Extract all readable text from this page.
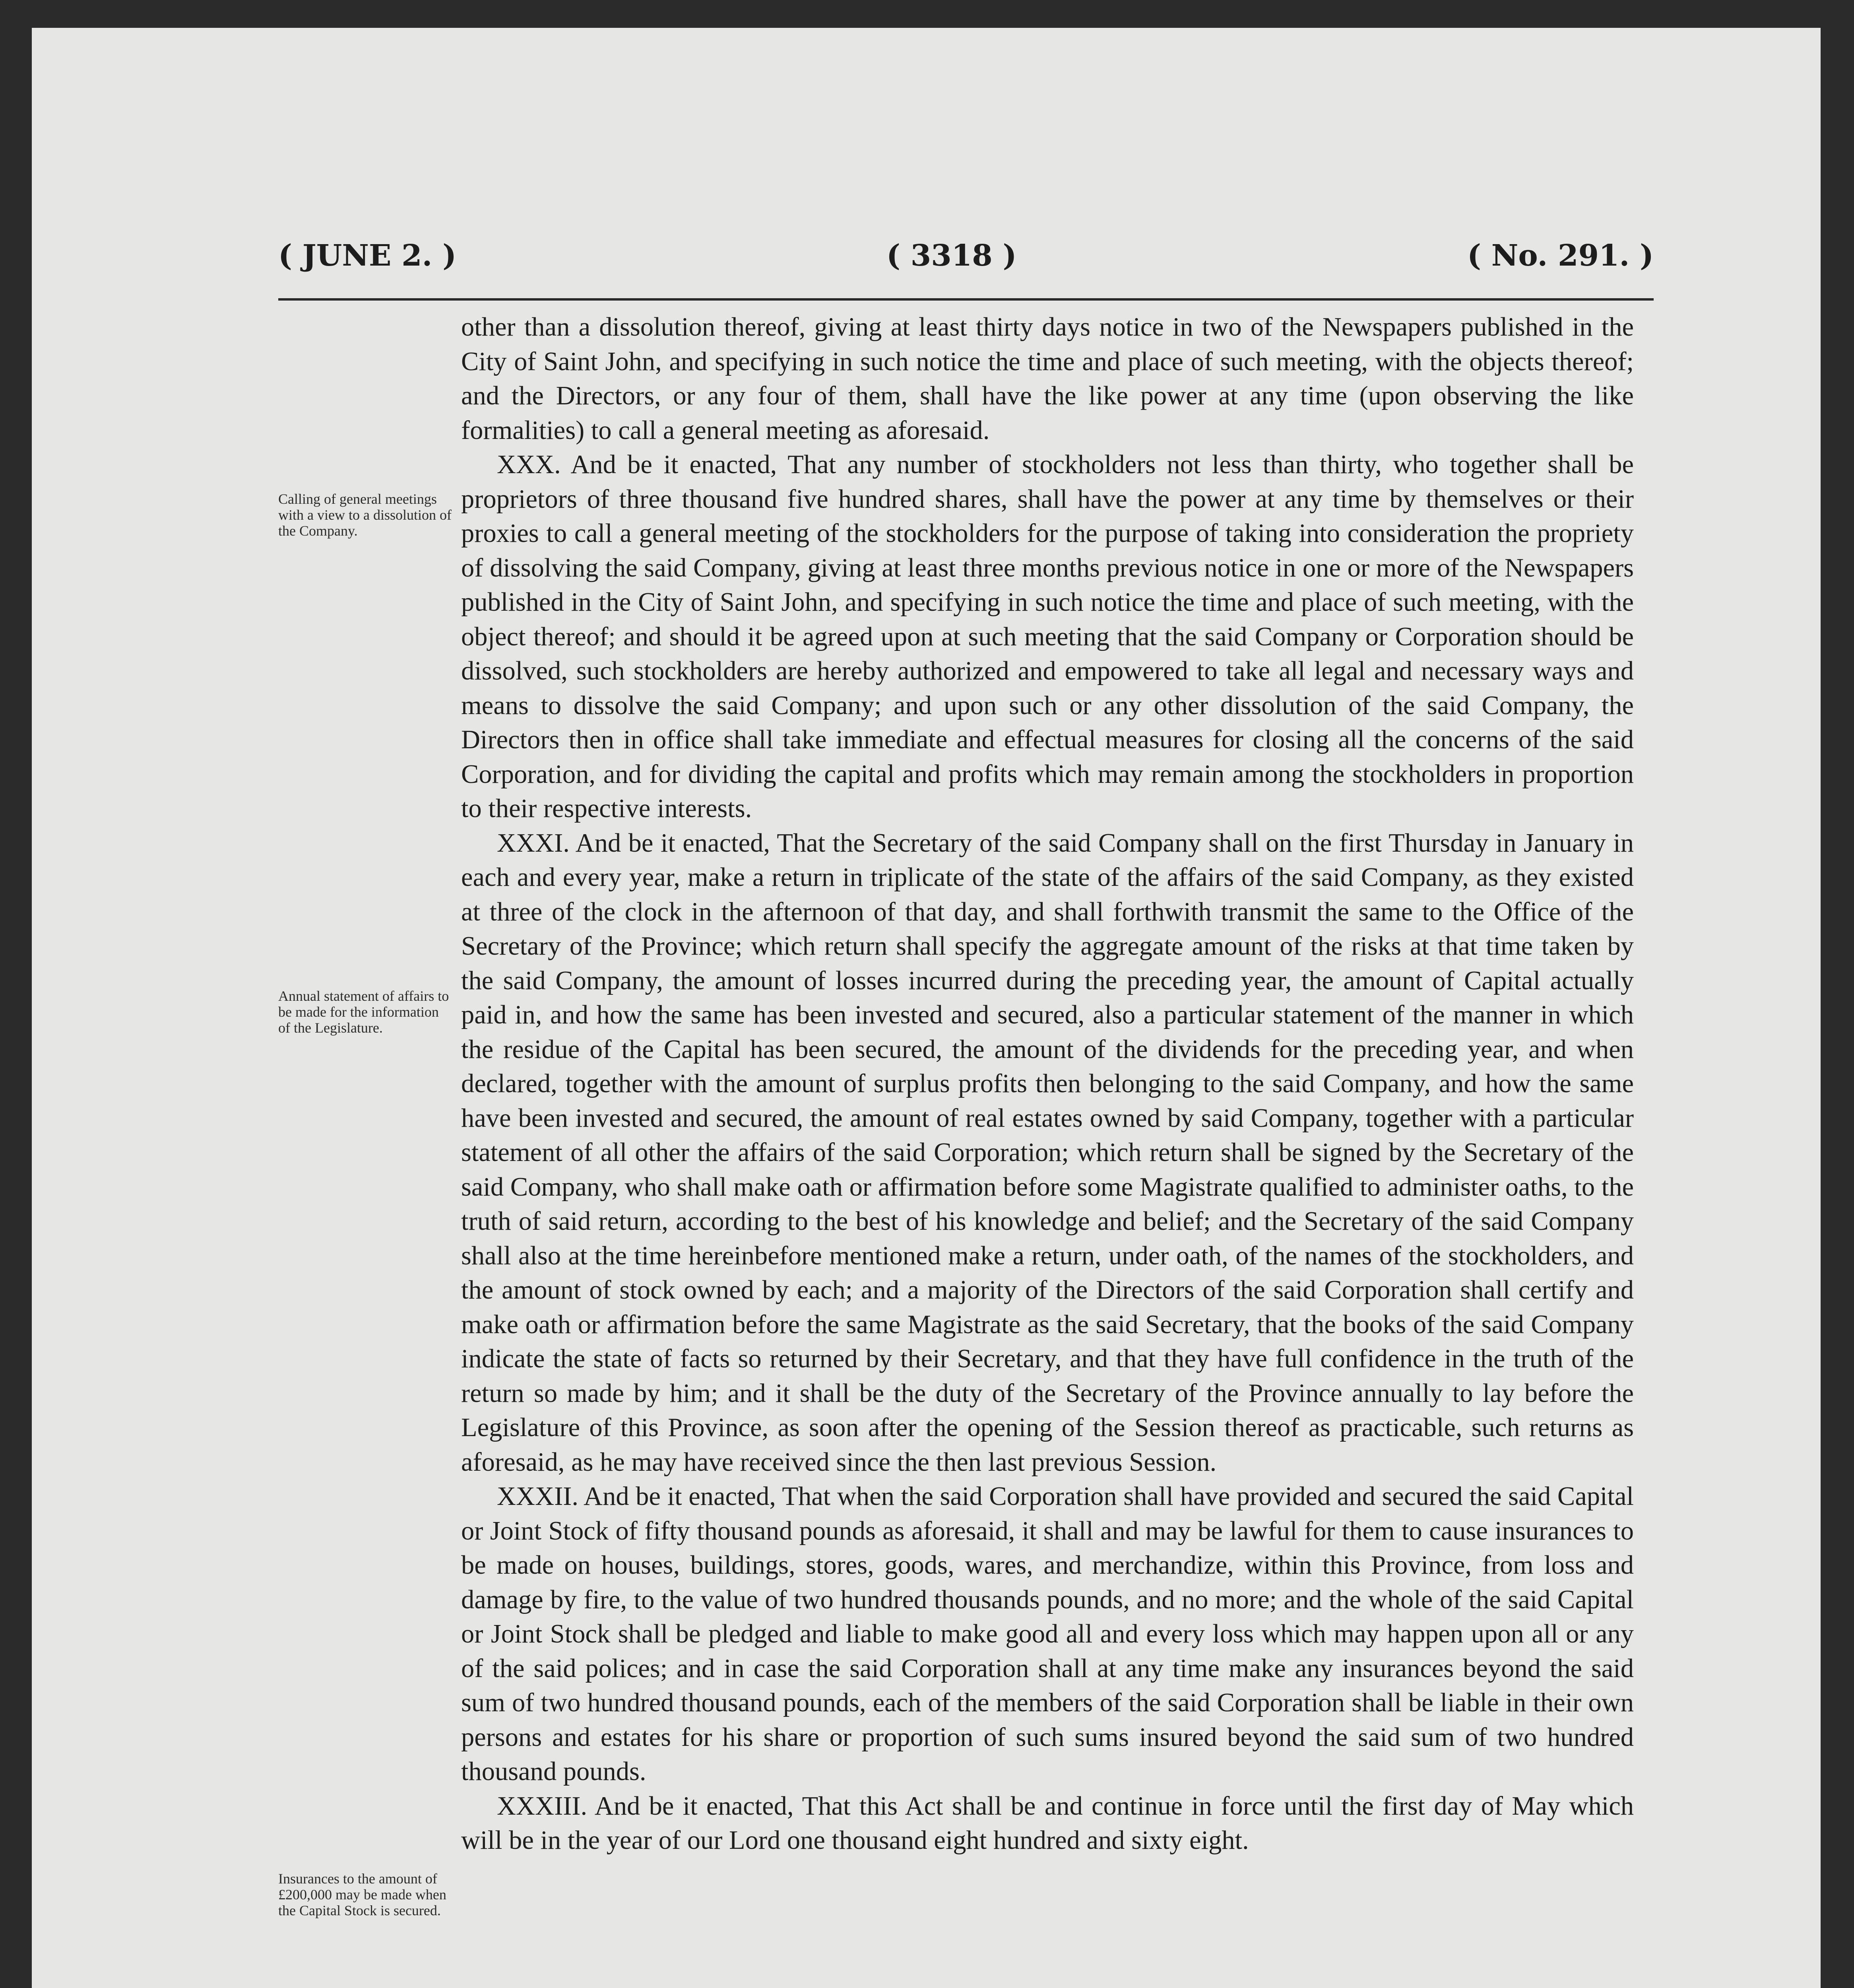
( JUNE 2. )	( 3318 )	( No. 291. )
Calling of general meetings with a view to a dissolution of the Company.
Annual statement of affairs to be made for the information of the Legislature.
Insurances to the amount of £200,000 may be made when the Capital Stock is secured.

other than a dissolution thereof, giving at least thirty days notice in two of the Newspapers published in the City of Saint John, and specifying in such notice the time and place of such meeting, with the objects thereof; and the Directors, or any four of them, shall have the like power at any time (upon observing the like formalities) to call a general meeting as aforesaid.

XXX. And be it enacted, That any number of stockholders not less than thirty, who together shall be proprietors of three thousand five hundred shares, shall have the power at any time by themselves or their proxies to call a general meeting of the stockholders for the purpose of taking into consideration the propriety of dissolving the said Company, giving at least three months previous notice in one or more of the Newspapers published in the City of Saint John, and specifying in such notice the time and place of such meeting, with the object thereof; and should it be agreed upon at such meeting that the said Company or Corporation should be dissolved, such stockholders are hereby authorized and empowered to take all legal and necessary ways and means to dissolve the said Company; and upon such or any other dissolution of the said Company, the Directors then in office shall take immediate and effectual measures for closing all the concerns of the said Corporation, and for dividing the capital and profits which may remain among the stockholders in proportion to their respective interests.

XXXI. And be it enacted, That the Secretary of the said Company shall on the first Thursday in January in each and every year, make a return in triplicate of the state of the affairs of the said Company, as they existed at three of the clock in the afternoon of that day, and shall forthwith transmit the same to the Office of the Secretary of the Province; which return shall specify the aggregate amount of the risks at that time taken by the said Company, the amount of losses incurred during the preceding year, the amount of Capital actually paid in, and how the same has been invested and secured, also a particular statement of the manner in which the residue of the Capital has been secured, the amount of the dividends for the preceding year, and when declared, together with the amount of surplus profits then belonging to the said Company, and how the same have been invested and secured, the amount of real estates owned by said Company, together with a particular statement of all other the affairs of the said Corporation; which return shall be signed by the Secretary of the said Company, who shall make oath or affirmation before some Magistrate qualified to administer oaths, to the truth of said return, according to the best of his knowledge and belief; and the Secretary of the said Company shall also at the time hereinbefore mentioned make a return, under oath, of the names of the stockholders, and the amount of stock owned by each; and a majority of the Directors of the said Corporation shall certify and make oath or affirmation before the same Magistrate as the said Secretary, that the books of the said Company indicate the state of facts so returned by their Secretary, and that they have full confidence in the truth of the return so made by him; and it shall be the duty of the Secretary of the Province annually to lay before the Legislature of this Province, as soon after the opening of the Session thereof as practicable, such returns as aforesaid, as he may have received since the then last previous Session.

XXXII. And be it enacted, That when the said Corporation shall have provided and secured the said Capital or Joint Stock of fifty thousand pounds as aforesaid, it shall and may be lawful for them to cause insurances to be made on houses, buildings, stores, goods, wares, and merchandize, within this Province, from loss and damage by fire, to the value of two hundred thousands pounds, and no more; and the whole of the said Capital or Joint Stock shall be pledged and liable to make good all and every loss which may happen upon all or any of the said polices; and in case the said Corporation shall at any time make any insurances beyond the said sum of two hundred thousand pounds, each of the members of the said Corporation shall be liable in their own persons and estates for his share or proportion of such sums insured beyond the said sum of two hundred thousand pounds.

XXXIII. And be it enacted, That this Act shall be and continue in force until the first day of May which will be in the year of our Lord one thousand eight hundred and sixty eight.
